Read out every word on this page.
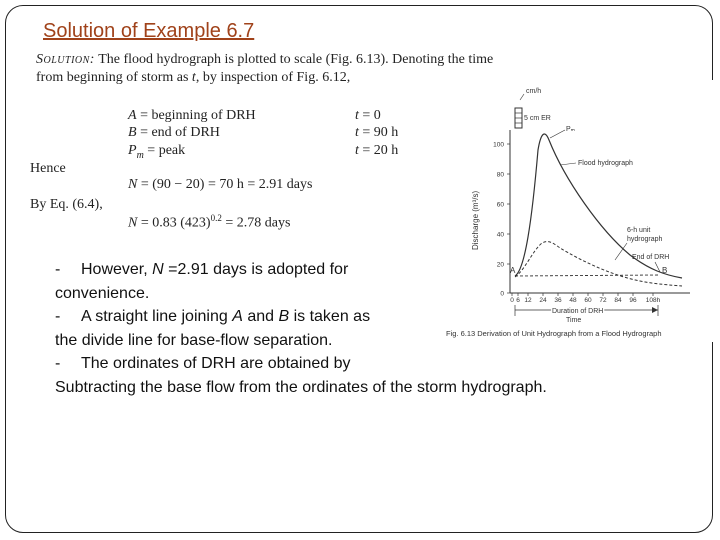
Solution of Example 6.7
Solution: The flood hydrograph is plotted to scale (Fig. 6.13). Denoting the time
from beginning of storm as t, by inspection of Fig. 6.12,
A = beginning of DRH	t = 0
B = end of DRH	t = 90 h
$P_m$ = peak	t = 20 h
Hence
N = (90 − 20) = 70 h = 2.91 days
By Eq. (6.4),
N = 0.83 $(423)^{0.2} = 2.78$ days	Discharge (m³/s)
cm/h
5 cm ER
0
20
40
60
80
100
0 6 12 24 36 48 60 72 84 96 108h
Pₘ
Flood hydrograph
6-h unit
hydrograph
End of DRH
A	B
Duration of DRH
Time
Fig. 6.13 Derivation of Unit Hydrograph from a Flood Hydrograph
- However, N =2.91 days is adopted for
convenience.
- A straight line joining A and B is taken as
the divide line for base-flow separation.
- The ordinates of DRH are obtained by
Subtracting the base flow from the ordinates of the storm hydrograph.
